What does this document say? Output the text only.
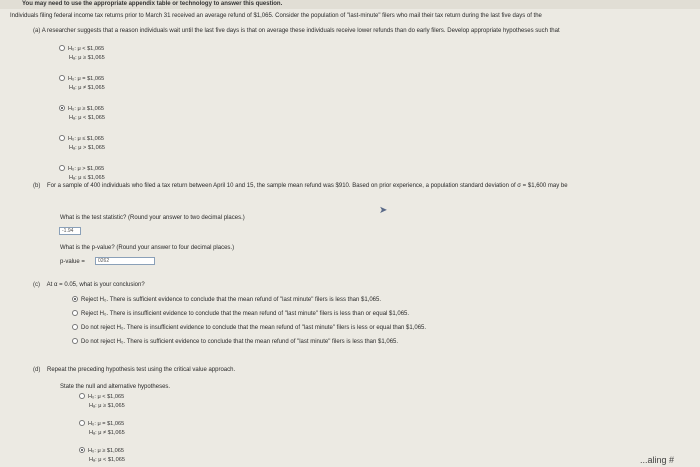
You may need to use the appropriate appendix table or technology to answer this question.
Individuals filing federal income tax returns prior to March 31 received an average refund of $1,065. Consider the population of "last-minute" filers who mail their tax return during the last five days of the
(a) A researcher suggests that a reason individuals wait until the last five days is that on average these individuals receive lower refunds than do early filers. Develop appropriate hypotheses such that
H₀: μ < $1,065
Hₐ: μ ≥ $1,065
H₀: μ = $1,065
Hₐ: μ ≠ $1,065
H₀: μ ≥ $1,065
Hₐ: μ < $1,065
H₀: μ ≤ $1,065
Hₐ: μ > $1,065
H₀: μ > $1,065
Hₐ: μ ≤ $1,065
(b) For a sample of 400 individuals who filed a tax return between April 10 and 15, the sample mean refund was $910. Based on prior experience, a population standard deviation of σ = $1,600 may be
What is the test statistic? (Round your answer to two decimal places.)
-1.94
➤
What is the p-value? (Round your answer to four decimal places.)
p-value =	0262
(c) At α = 0.05, what is your conclusion?
Reject H₀. There is sufficient evidence to conclude that the mean refund of "last minute" filers is less than $1,065.
Reject H₀. There is insufficient evidence to conclude that the mean refund of "last minute" filers is less than or equal $1,065.
Do not reject H₀. There is insufficient evidence to conclude that the mean refund of "last minute" filers is less or equal than $1,065.
Do not reject H₀. There is sufficient evidence to conclude that the mean refund of "last minute" filers is less than $1,065.
(d) Repeat the preceding hypothesis test using the critical value approach.
State the null and alternative hypotheses.
H₀: μ < $1,065
Hₐ: μ ≥ $1,065
H₀: μ = $1,065
Hₐ: μ ≠ $1,065
H₀: μ ≥ $1,065
Hₐ: μ < $1,065	...aling #
